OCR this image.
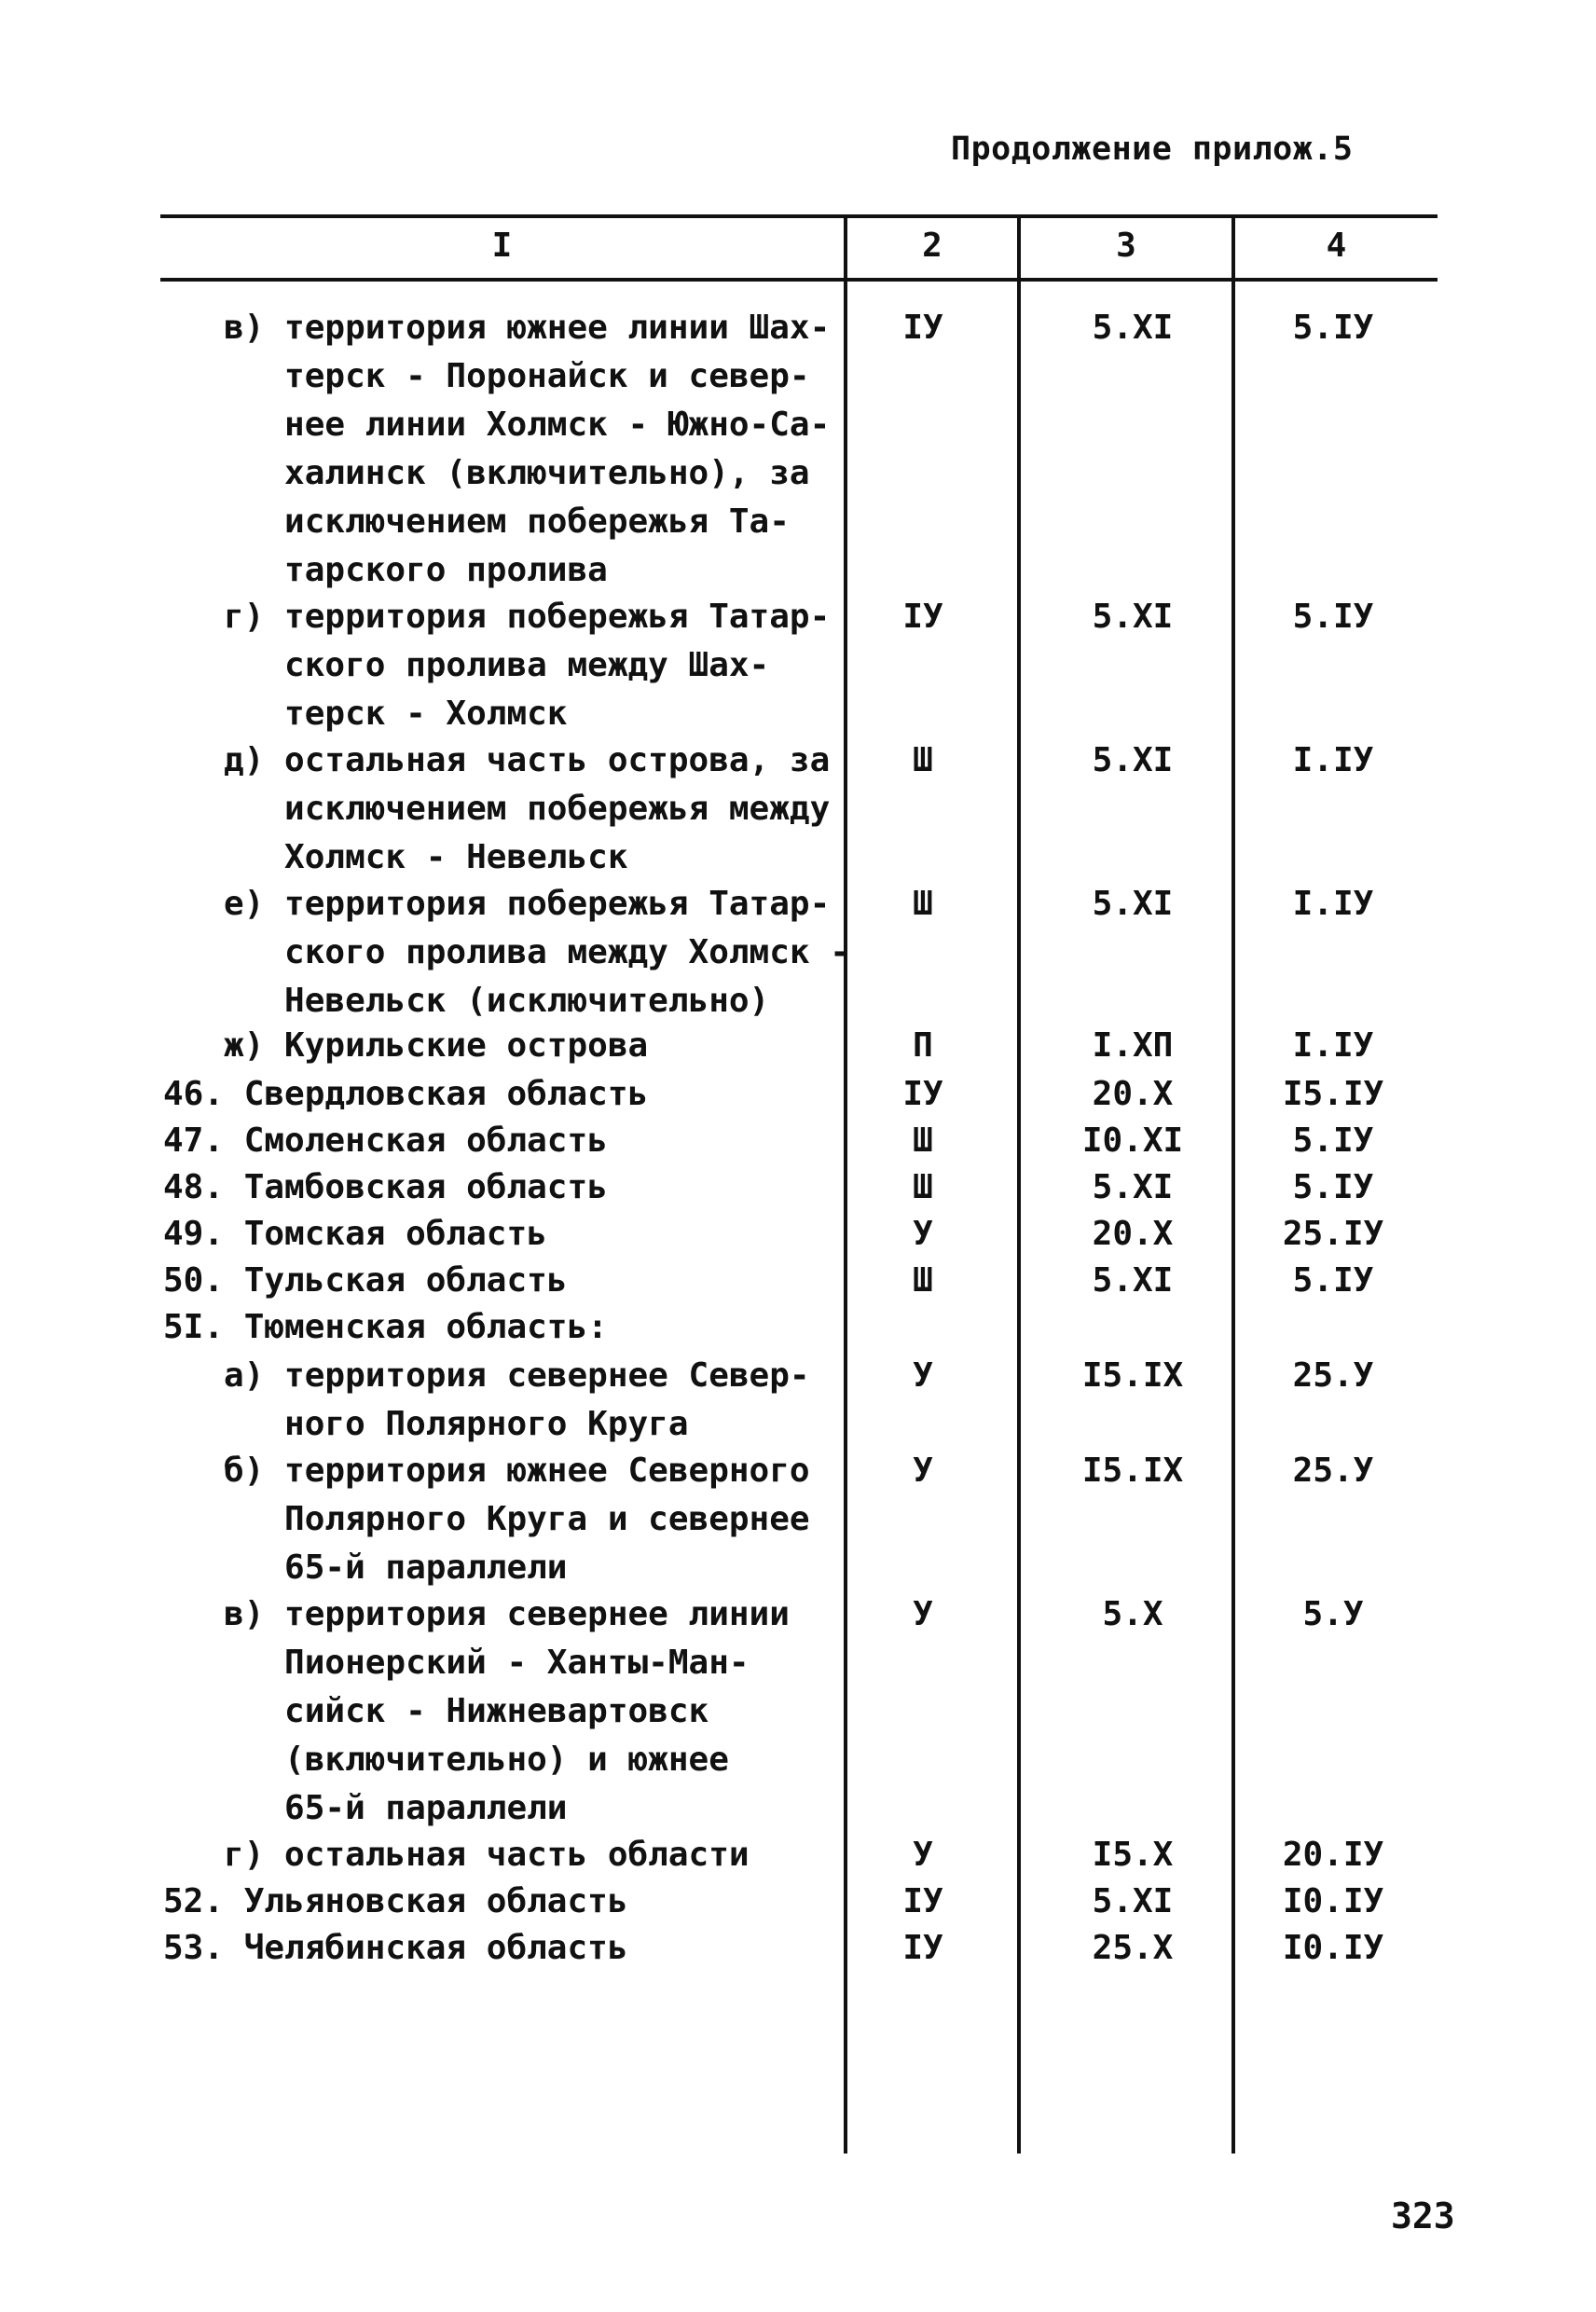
Продолжение прилож.5
I	2	3	4
в) территория южнее линии Шах-
терск - Поронайск и север-
нее линии Холмск - Южно-Са-
халинск (включительно), за
исключением побережья Та-
тарского пролива
IУ	5.XI	5.IУ
г) территория побережья Татар-
ского пролива между Шах-
терск - Холмск
IУ	5.XI	5.IУ
д) остальная часть острова, за
исключением побережья между
Холмск - Невельск
Ш	5.XI	I.IУ
е) территория побережья Татар-
ского пролива между Холмск -
Невельск (исключительно)
Ш	5.XI	I.IУ
ж) Курильские острова	П	I.XП	I.IУ
46. Свердловская область	IУ	20.X	I5.IУ
47. Смоленская область	Ш	I0.XI	5.IУ
48. Тамбовская область	Ш	5.XI	5.IУ
49. Томская область	У	20.X	25.IУ
50. Тульская область	Ш	5.XI	5.IУ
5I. Тюменская область:
а) территория севернее Север-
ного Полярного Круга
У	I5.IX	25.У
б) территория южнее Северного
Полярного Круга и севернее
65-й параллели
У	I5.IX	25.У
в) территория севернее линии
Пионерский - Ханты-Ман-
сийск - Нижневартовск
(включительно) и южнее
65-й параллели
У	5.X	5.У
г) остальная часть области	У	I5.X	20.IУ
52. Ульяновская область	IУ	5.XI	I0.IУ
53. Челябинская область	IУ	25.X	I0.IУ
323
